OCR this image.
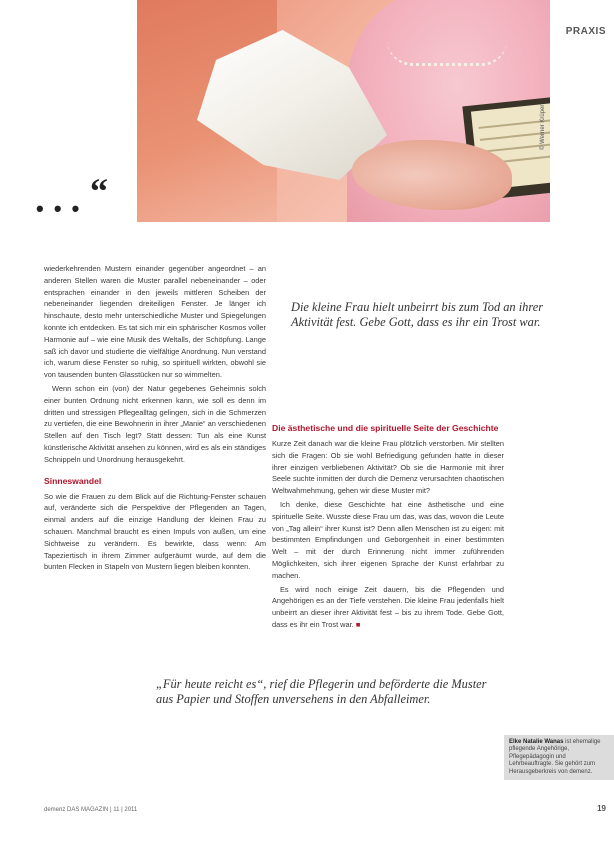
© Werner Krüper
PRAXIS
“
• • •

wiederkehrenden Mustern einander gegenüber angeordnet – an anderen Stellen waren die Muster parallel nebeneinander – oder entsprachen einander in den jeweils mittleren Scheiben der nebeneinander liegenden dreiteiligen Fenster. Je länger ich hinschaute, desto mehr unterschiedliche Muster und Spiegelungen konnte ich entdecken. Es tat sich mir ein sphärischer Kosmos voller Harmonie auf – wie eine Musik des Weltalls, der Schöpfung. Lange saß ich davor und studierte die vielfältige Anordnung. Nun verstand ich, warum diese Fenster so ruhig, so spirituell wirkten, obwohl sie von tausenden bunten Glasstücken nur so wimmelten.

Wenn schon ein (von) der Natur gegebenes Geheimnis solch einer bunten Ordnung nicht erkennen kann, wie soll es denn im dritten und stressigen Pflegealltag gelingen, sich in die Schmerzen zu vertiefen, die eine Bewohnerin in ihrer „Manie“ an verschiedenen Stellen auf den Tisch legt? Statt dessen: Tun als eine Kunst künstlerische Aktivität ansehen zu können, wird es als ein ständiges Schnippeln und Unordnung herausgekehrt.

Sinneswandel

So wie die Frauen zu dem Blick auf die Richtung-Fenster schauen auf, veränderte sich die Perspektive der Pflegenden an Tagen, einmal anders auf die einzige Handlung der kleinen Frau zu schauen. Manchmal braucht es einen Impuls von außen, um eine Sichtweise zu verändern. Es bewirkte, dass wenn: Am Tapeziertisch in ihrem Zimmer aufgeräumt wurde, auf dem die bunten Flecken in Stapeln von Mustern liegen bleiben konnten.

Die kleine Frau hielt unbeirrt bis zum Tod an ihrer Aktivität fest. Gebe Gott, dass es ihr ein Trost war.
Die ästhetische und die spirituelle Seite der Geschichte

Kurze Zeit danach war die kleine Frau plötzlich verstorben. Mir stellten sich die Fragen: Ob sie wohl Befriedigung gefunden hatte in dieser ihrer einzigen verbliebenen Aktivität? Ob sie die Harmonie mit ihrer Seele suchte inmitten der durch die Demenz verursachten chaotischen Weltwahrnehmung, gehen wir diese Muster mit?

Ich denke, diese Geschichte hat eine ästhetische und eine spirituelle Seite. Wusste diese Frau um das, was das, wovon die Leute von „Tag allein“ ihrer Kunst ist? Denn allen Menschen ist zu eigen: mit bestimmten Empfindungen und Geborgenheit in einer bestimmten Welt – mit der durch Erinnerung nicht immer zuführenden Möglichkeiten, sich ihrer eigenen Sprache der Kunst erfahrbar zu machen.

Es wird noch einige Zeit dauern, bis die Pflegenden und Angehörigen es an der Tiefe verstehen. Die kleine Frau jedenfalls hielt unbeirrt an dieser ihrer Aktivität fest – bis zu ihrem Tode. Gebe Gott, dass es ihr ein Trost war. ■

„Für heute reicht es“, rief die Pflegerin und beförderte die Muster aus Papier und Stoffen unversehens in den Abfalleimer.
Elke Natalie Wanas ist ehemalige pflegende Angehörige, Pflegepädagogin und Lehrbeauftragte. Sie gehört zum Herausgeberkreis von demenz.
demenz DAS MAGAZIN | 11 | 2011	19
